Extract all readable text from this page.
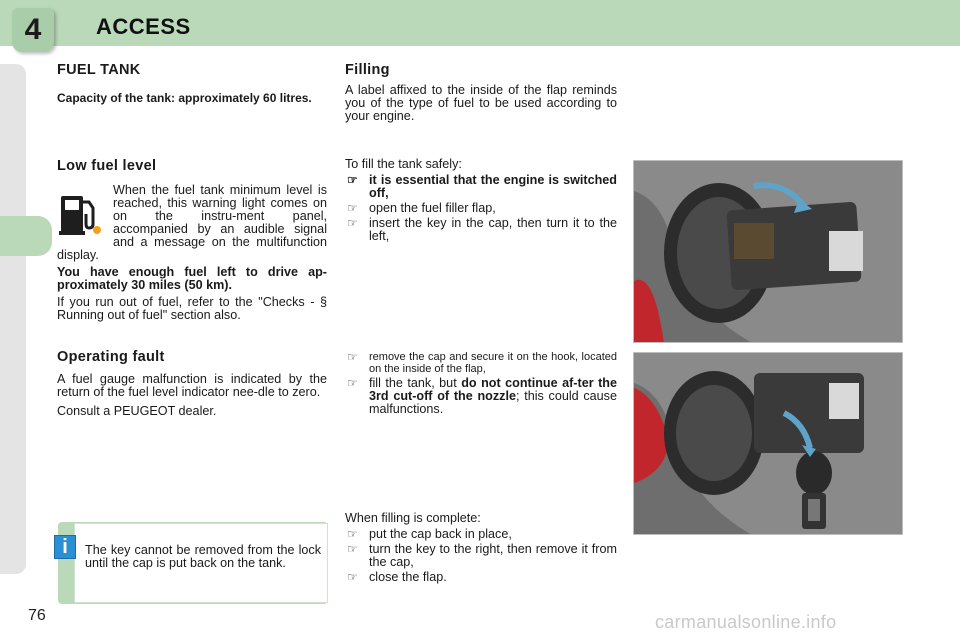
4 ACCESS
FUEL TANK

Capacity of the tank: approximately 60 litres.

Low fuel level

When the fuel tank minimum level is reached, this warning light comes on on the instru-ment panel, accompanied by an audible signal and a message on the multifunction display.

You have enough fuel left to drive ap-proximately 30 miles (50 km).

If you run out of fuel, refer to the "Checks - § Running out of fuel" section also.

Operating fault

A fuel gauge malfunction is indicated by the return of the fuel level indicator nee-dle to zero.

Consult a PEUGEOT dealer.

The key cannot be removed from the lock until the cap is put back on the tank.

i
Filling

A label affixed to the inside of the flap reminds you of the type of fuel to be used according to your engine.

To fill the tank safely:

☞ it is essential that the engine is switched off,
☞ open the fuel filler flap,
☞ insert the key in the cap, then turn it to the left,
☞ remove the cap and secure it on the hook, located on the inside of the flap,
☞ fill the tank, but do not continue af-ter the 3rd cut-off of the nozzle; this could cause malfunctions.

When filling is complete:

☞ put the cap back in place,
☞ turn the key to the right, then remove it from the cap,
☞ close the flap.
76	carmanualsonline.info
